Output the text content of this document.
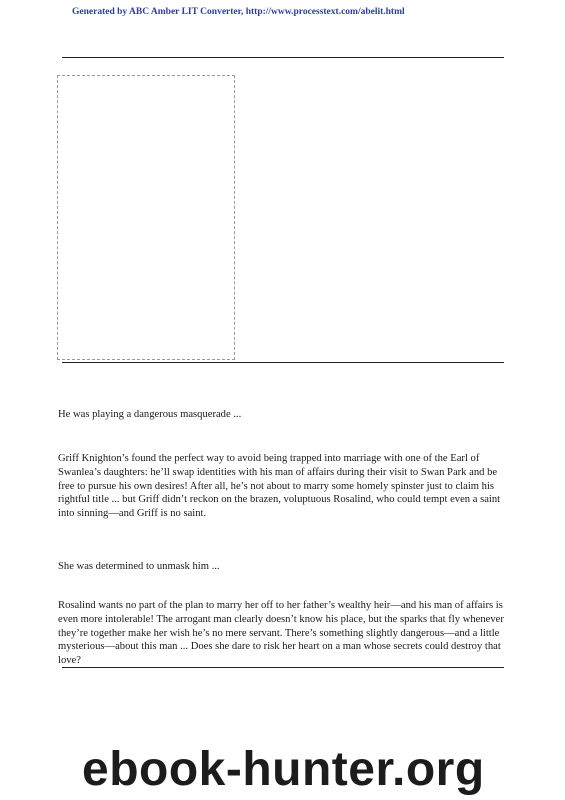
Generated by ABC Amber LIT Converter, http://www.processtext.com/abelit.html
He was playing a dangerous masquerade ...
Griff Knighton’s found the perfect way to avoid being trapped into marriage with one of the Earl of Swanlea’s daughters: he’ll swap identities with his man of affairs during their visit to Swan Park and be free to pursue his own desires! After all, he’s not about to marry some homely spinster just to claim his rightful title ... but Griff didn’t reckon on the brazen, voluptuous Rosalind, who could tempt even a saint into sinning—and Griff is no saint.
She was determined to unmask him ...
Rosalind wants no part of the plan to marry her off to her father’s wealthy heir—and his man of affairs is even more intolerable! The arrogant man clearly doesn’t know his place, but the sparks that fly whenever they’re together make her wish he’s no mere servant. There’s something slightly dangerous—and a little mysterious—about this man ... Does she dare to risk her heart on a man whose secrets could destroy that love?
ebook-hunter.org
